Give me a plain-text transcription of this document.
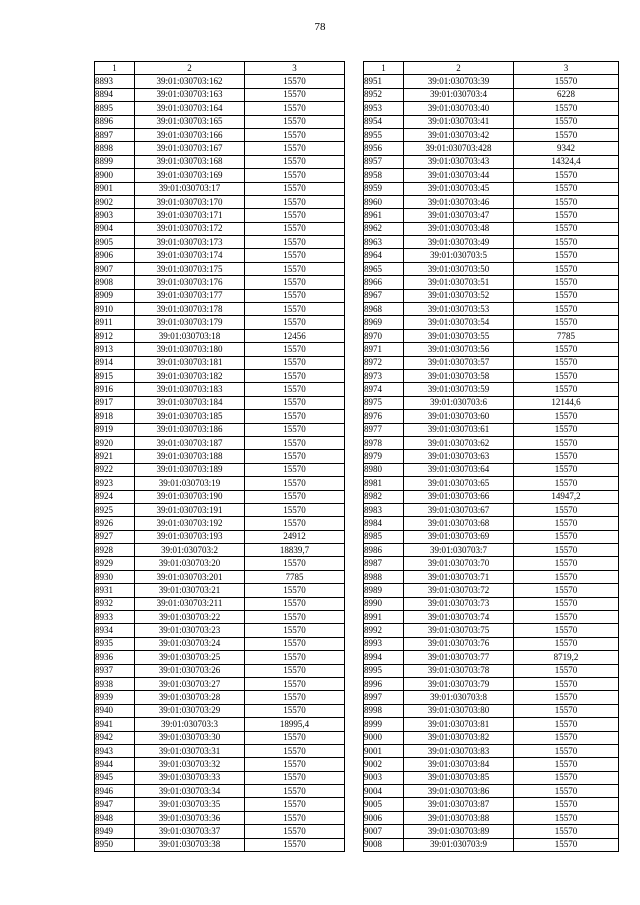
78
1	2	3
8893	39:01:030703:162	15570
8894	39:01:030703:163	15570
8895	39:01:030703:164	15570
8896	39:01:030703:165	15570
8897	39:01:030703:166	15570
8898	39:01:030703:167	15570
8899	39:01:030703:168	15570
8900	39:01:030703:169	15570
8901	39:01:030703:17	15570
8902	39:01:030703:170	15570
8903	39:01:030703:171	15570
8904	39:01:030703:172	15570
8905	39:01:030703:173	15570
8906	39:01:030703:174	15570
8907	39:01:030703:175	15570
8908	39:01:030703:176	15570
8909	39:01:030703:177	15570
8910	39:01:030703:178	15570
8911	39:01:030703:179	15570
8912	39:01:030703:18	12456
8913	39:01:030703:180	15570
8914	39:01:030703:181	15570
8915	39:01:030703:182	15570
8916	39:01:030703:183	15570
8917	39:01:030703:184	15570
8918	39:01:030703:185	15570
8919	39:01:030703:186	15570
8920	39:01:030703:187	15570
8921	39:01:030703:188	15570
8922	39:01:030703:189	15570
8923	39:01:030703:19	15570
8924	39:01:030703:190	15570
8925	39:01:030703:191	15570
8926	39:01:030703:192	15570
8927	39:01:030703:193	24912
8928	39:01:030703:2	18839,7
8929	39:01:030703:20	15570
8930	39:01:030703:201	7785
8931	39:01:030703:21	15570
8932	39:01:030703:211	15570
8933	39:01:030703:22	15570
8934	39:01:030703:23	15570
8935	39:01:030703:24	15570
8936	39:01:030703:25	15570
8937	39:01:030703:26	15570
8938	39:01:030703:27	15570
8939	39:01:030703:28	15570
8940	39:01:030703:29	15570
8941	39:01:030703:3	18995,4
8942	39:01:030703:30	15570
8943	39:01:030703:31	15570
8944	39:01:030703:32	15570
8945	39:01:030703:33	15570
8946	39:01:030703:34	15570
8947	39:01:030703:35	15570
8948	39:01:030703:36	15570
8949	39:01:030703:37	15570
8950	39:01:030703:38	15570
1	2	3
8951	39:01:030703:39	15570
8952	39:01:030703:4	6228
8953	39:01:030703:40	15570
8954	39:01:030703:41	15570
8955	39:01:030703:42	15570
8956	39:01:030703:428	9342
8957	39:01:030703:43	14324,4
8958	39:01:030703:44	15570
8959	39:01:030703:45	15570
8960	39:01:030703:46	15570
8961	39:01:030703:47	15570
8962	39:01:030703:48	15570
8963	39:01:030703:49	15570
8964	39:01:030703:5	15570
8965	39:01:030703:50	15570
8966	39:01:030703:51	15570
8967	39:01:030703:52	15570
8968	39:01:030703:53	15570
8969	39:01:030703:54	15570
8970	39:01:030703:55	7785
8971	39:01:030703:56	15570
8972	39:01:030703:57	15570
8973	39:01:030703:58	15570
8974	39:01:030703:59	15570
8975	39:01:030703:6	12144,6
8976	39:01:030703:60	15570
8977	39:01:030703:61	15570
8978	39:01:030703:62	15570
8979	39:01:030703:63	15570
8980	39:01:030703:64	15570
8981	39:01:030703:65	15570
8982	39:01:030703:66	14947,2
8983	39:01:030703:67	15570
8984	39:01:030703:68	15570
8985	39:01:030703:69	15570
8986	39:01:030703:7	15570
8987	39:01:030703:70	15570
8988	39:01:030703:71	15570
8989	39:01:030703:72	15570
8990	39:01:030703:73	15570
8991	39:01:030703:74	15570
8992	39:01:030703:75	15570
8993	39:01:030703:76	15570
8994	39:01:030703:77	8719,2
8995	39:01:030703:78	15570
8996	39:01:030703:79	15570
8997	39:01:030703:8	15570
8998	39:01:030703:80	15570
8999	39:01:030703:81	15570
9000	39:01:030703:82	15570
9001	39:01:030703:83	15570
9002	39:01:030703:84	15570
9003	39:01:030703:85	15570
9004	39:01:030703:86	15570
9005	39:01:030703:87	15570
9006	39:01:030703:88	15570
9007	39:01:030703:89	15570
9008	39:01:030703:9	15570
